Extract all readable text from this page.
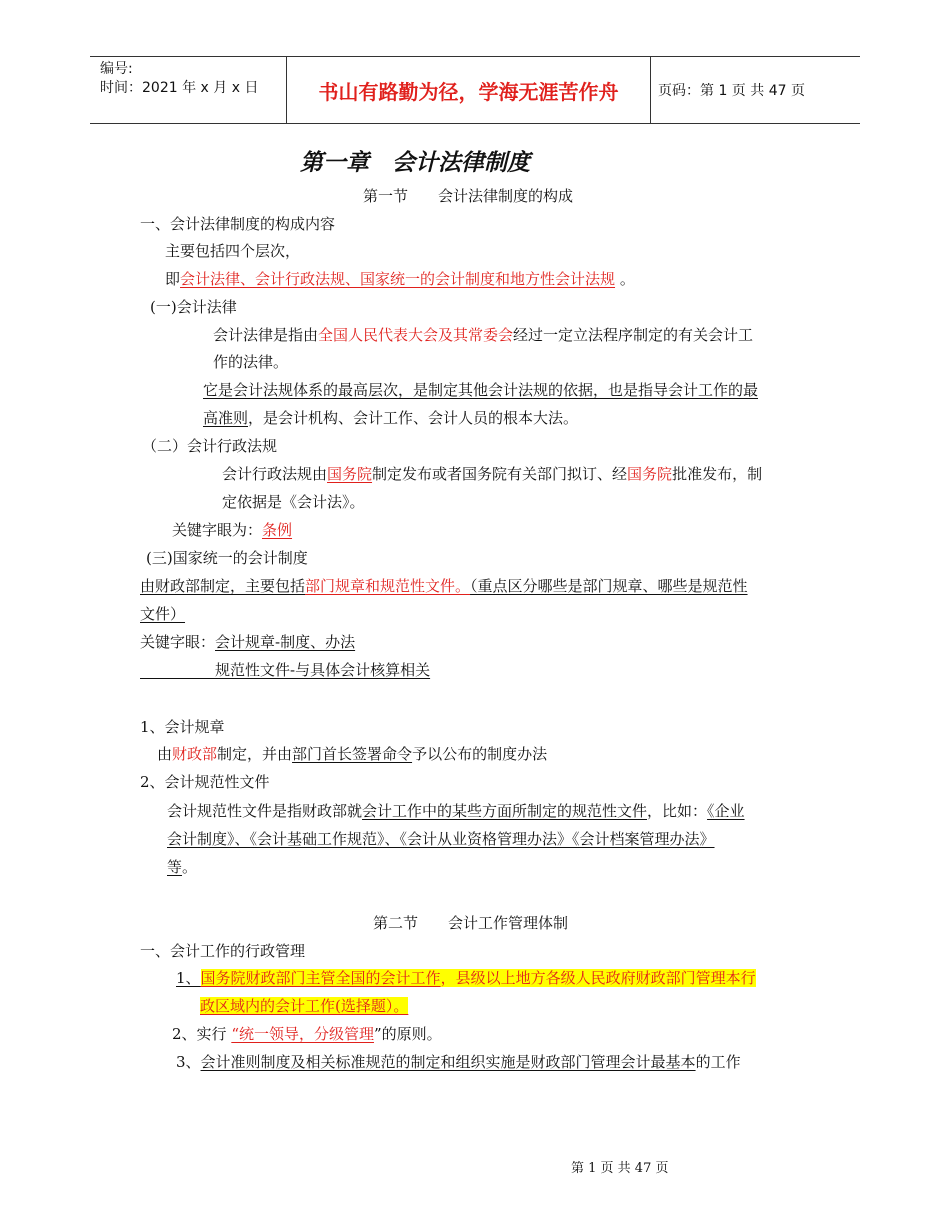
编号:
时间：2021 年 x 月 x 日	书山有路勤为径，学海无涯苦作舟	页码：第 1 页 共 47 页
第一章　会计法律制度
第一节　　会计法律制度的构成
一、会计法律制度的构成内容
主要包括四个层次，
即会计法律、会计行政法规、国家统一的会计制度和地方性会计法规 。
(一)会计法律
会计法律是指由全国人民代表大会及其常委会经过一定立法程序制定的有关会计工
作的法律。
它是会计法规体系的最高层次，是制定其他会计法规的依据，也是指导会计工作的最
高准则，是会计机构、会计工作、会计人员的根本大法。
（二）会计行政法规
会计行政法规由国务院制定发布或者国务院有关部门拟订、经国务院批准发布，制
定依据是《会计法》。
关键字眼为：条例
(三)国家统一的会计制度
由财政部制定，主要包括部门规章和规范性文件。（重点区分哪些是部门规章、哪些是规范性
文件）
关键字眼：会计规章-制度、办法
　　　　　规范性文件-与具体会计核算相关
1、会计规章
由财政部制定，并由部门首长签署命令予以公布的制度办法
2、会计规范性文件
会计规范性文件是指财政部就会计工作中的某些方面所制定的规范性文件，比如：《企业
会计制度》、《会计基础工作规范》、《会计从业资格管理办法》《会计档案管理办法》
等。
第二节　　会计工作管理体制
一、会计工作的行政管理
1、国务院财政部门主管全国的会计工作，县级以上地方各级人民政府财政部门管理本行
政区域内的会计工作(选择题）。
2、实行 “统一领导，分级管理”的原则。
3、会计准则制度及相关标准规范的制定和组织实施是财政部门管理会计最基本的工作
第 1 页 共 47 页
